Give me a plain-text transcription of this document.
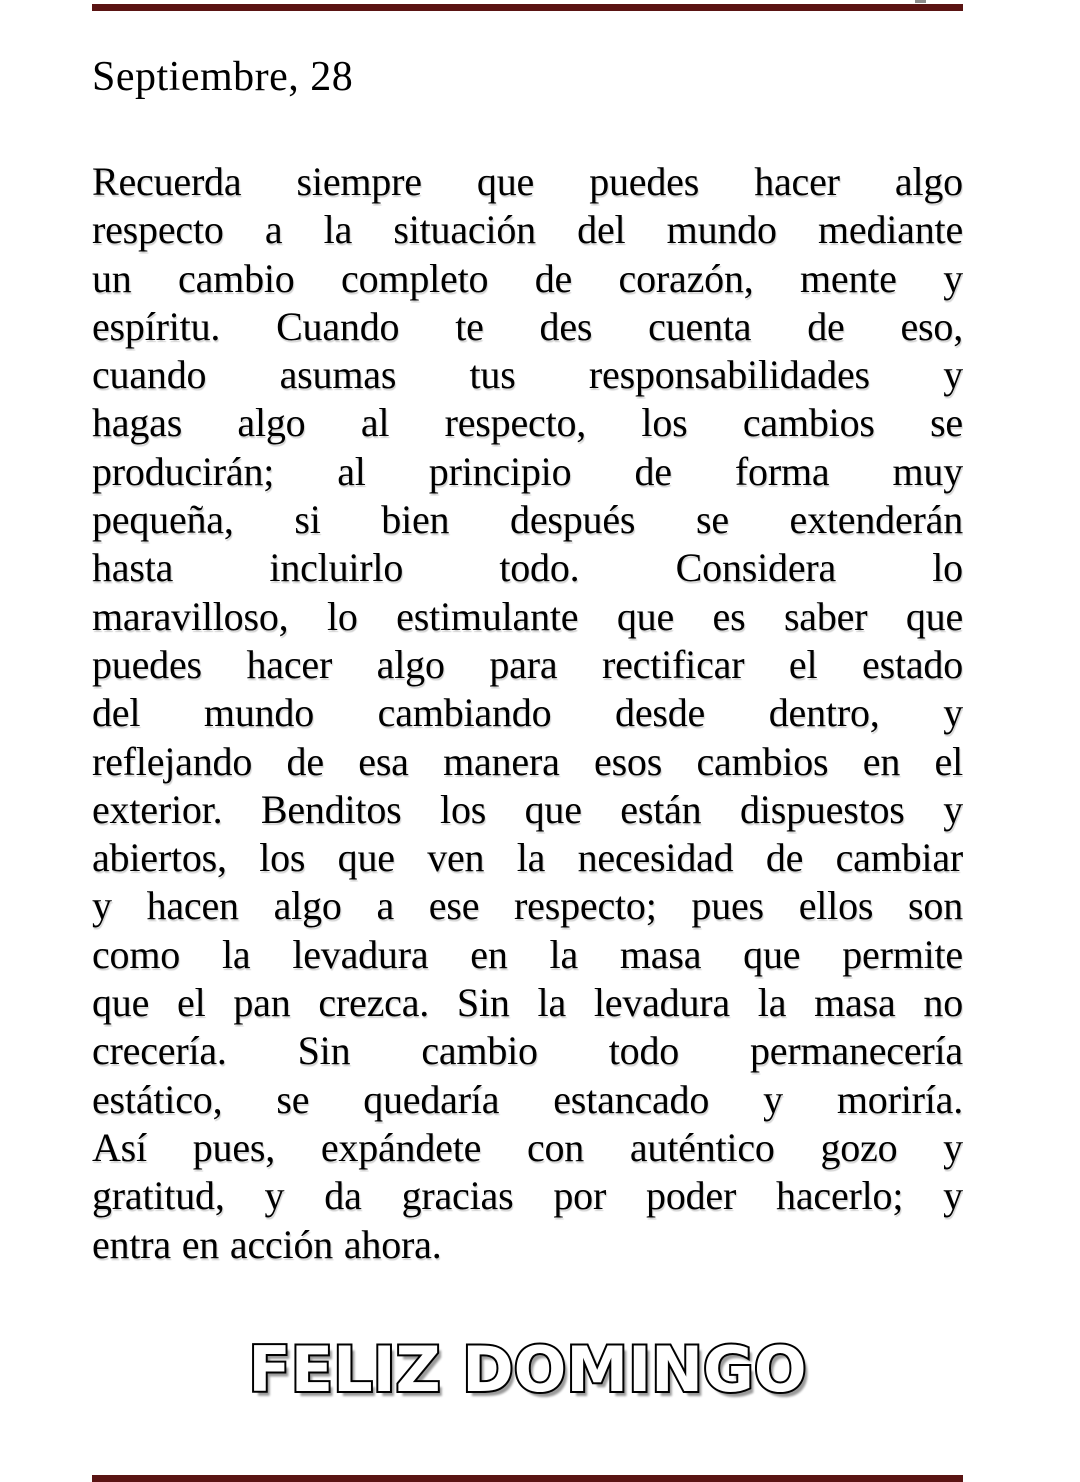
Septiembre, 28
Recuerda siempre que puedes hacer algo
respecto a la situación del mundo mediante
un cambio completo de corazón, mente y
espíritu. Cuando te des cuenta de eso,
cuando asumas tus responsabilidades y
hagas algo al respecto, los cambios se
producirán; al principio de forma muy
pequeña, si bien después se extenderán
hasta incluirlo todo. Considera lo
maravilloso, lo estimulante que es saber que
puedes hacer algo para rectificar el estado
del mundo cambiando desde dentro, y
reflejando de esa manera esos cambios en el
exterior. Benditos los que están dispuestos y
abiertos, los que ven la necesidad de cambiar
y hacen algo a ese respecto; pues ellos son
como la levadura en la masa que permite
que el pan crezca. Sin la levadura la masa no
crecería. Sin cambio todo permanecería
estático, se quedaría estancado y moriría.
Así pues, expándete con auténtico gozo y
gratitud, y da gracias por poder hacerlo; y
entra en acción ahora.
FELIZ DOMINGO
